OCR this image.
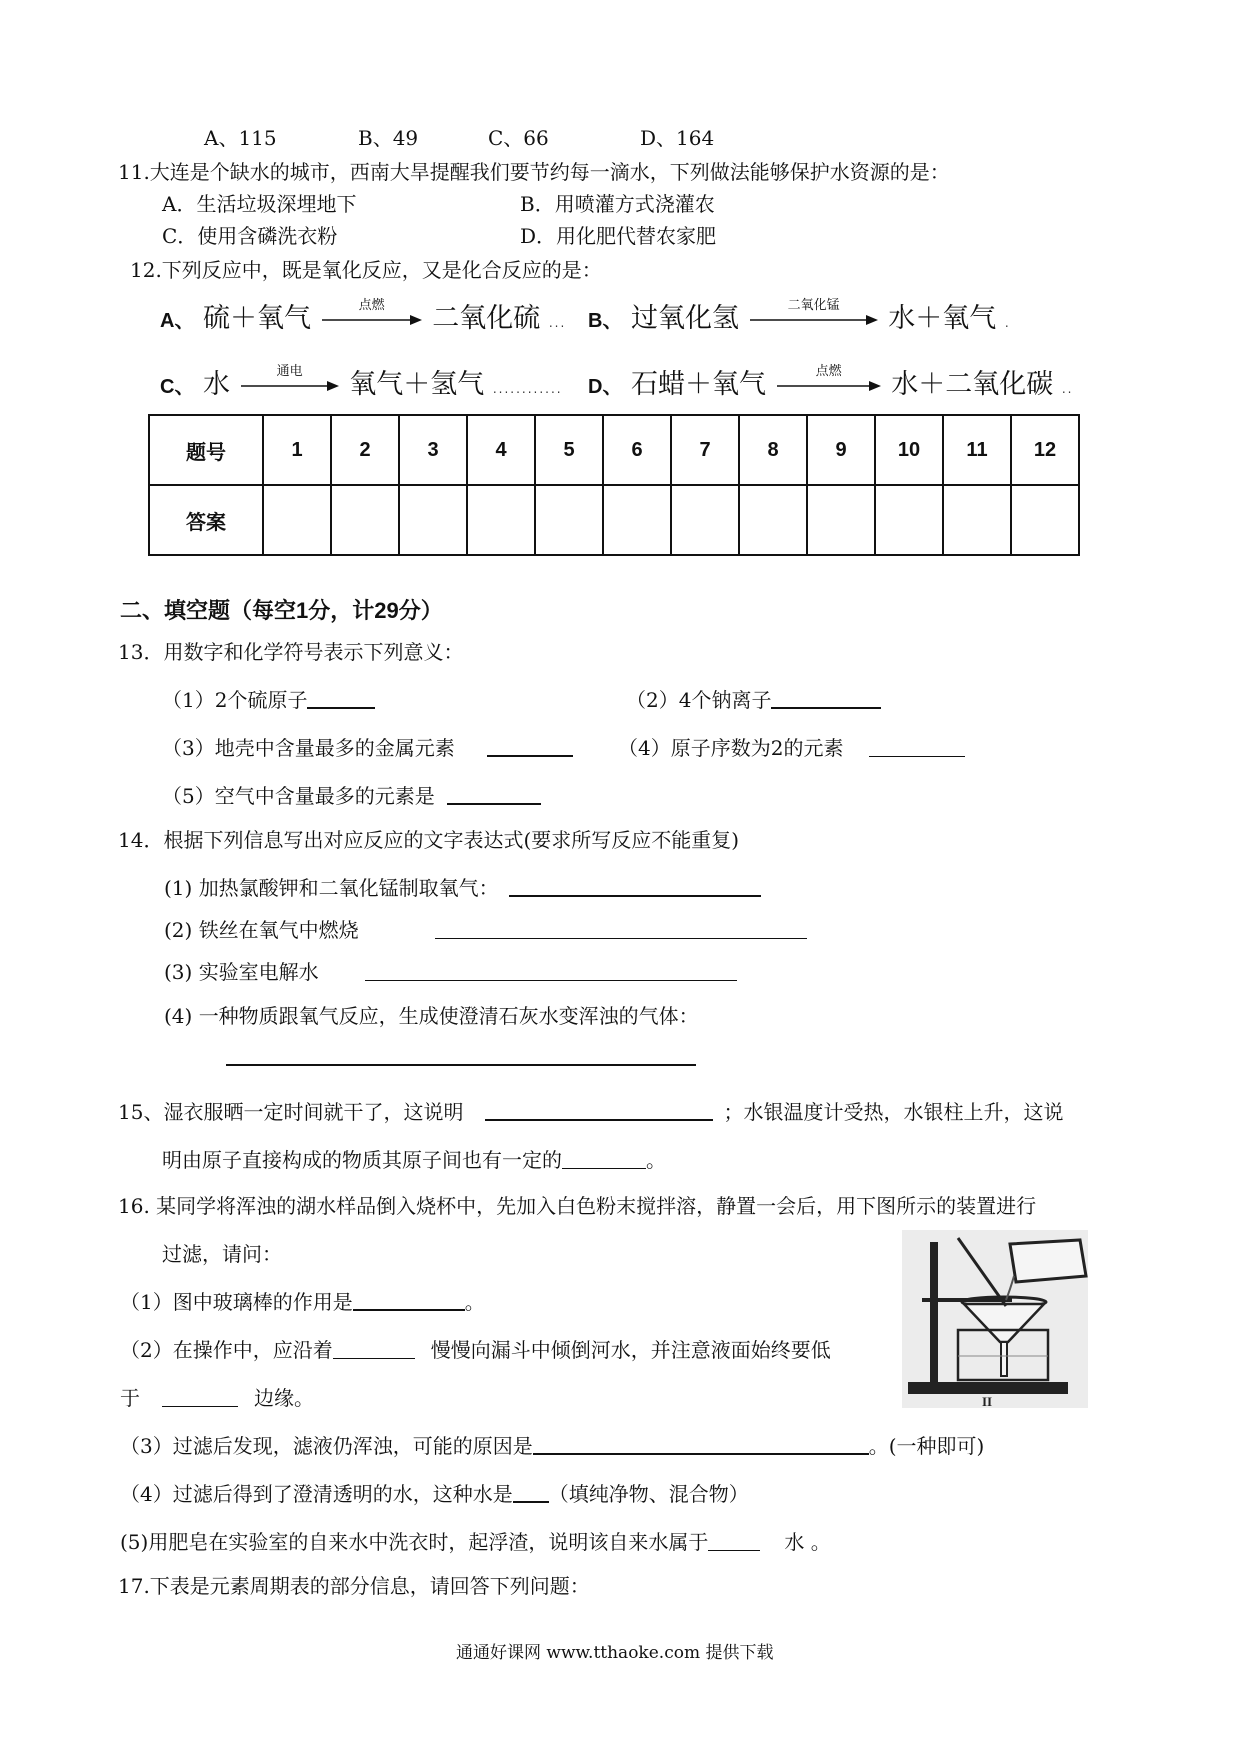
A、115	B、49	C、66	D、164
11.大连是个缺水的城市，西南大旱提醒我们要节约每一滴水，下列做法能够保护水资源的是：
A．生活垃圾深埋地下	B．用喷灌方式浇灌农
C．使用含磷洗衣粉	D．用化肥代替农家肥
12.下列反应中，既是氧化反应，又是化合反应的是：
A、 硫＋氧气	点燃	二氧化硫 ... B、 过氧化氢	二氧化锰	水＋氧气 .
C、 水	通电	氧气＋氢气 ............ D、 石蜡＋氧气	点燃	水＋二氧化碳 ..
题号	1	2	3	4	5	6	7	8	9	10	11	12
答案												
二、填空题（每空1分，计29分）
13．用数字和化学符号表示下列意义：
（1）2个硫原子	（2）4个钠离子
（3）地壳中含量最多的金属元素	（4）原子序数为2的元素
（5）空气中含量最多的元素是
14．根据下列信息写出对应反应的文字表达式(要求所写反应不能重复)
(1) 加热氯酸钾和二氧化锰制取氧气：
(2) 铁丝在氧气中燃烧
(3) 实验室电解水
(4) 一种物质跟氧气反应，生成使澄清石灰水变浑浊的气体：
15、湿衣服晒一定时间就干了，这说明	；水银温度计受热，水银柱上升，这说
明由原子直接构成的物质其原子间也有一定的	。
16. 某同学将浑浊的湖水样品倒入烧杯中，先加入白色粉末搅拌溶，静置一会后，用下图所示的装置进行
过滤，请问：
（1）图中玻璃棒的作用是	。
（2）在操作中，应沿着	慢慢向漏斗中倾倒河水，并注意液面始终要低
于	边缘。	II
（3）过滤后发现，滤液仍浑浊，可能的原因是	。(一种即可)
（4）过滤后得到了澄清透明的水，这种水是 （填纯净物、混合物）
(5)用肥皂在实验室的自来水中洗衣时，起浮渣，说明该自来水属于	水 。
17.下表是元素周期表的部分信息，请回答下列问题：
通通好课网 www.tthaoke.com 提供下载
